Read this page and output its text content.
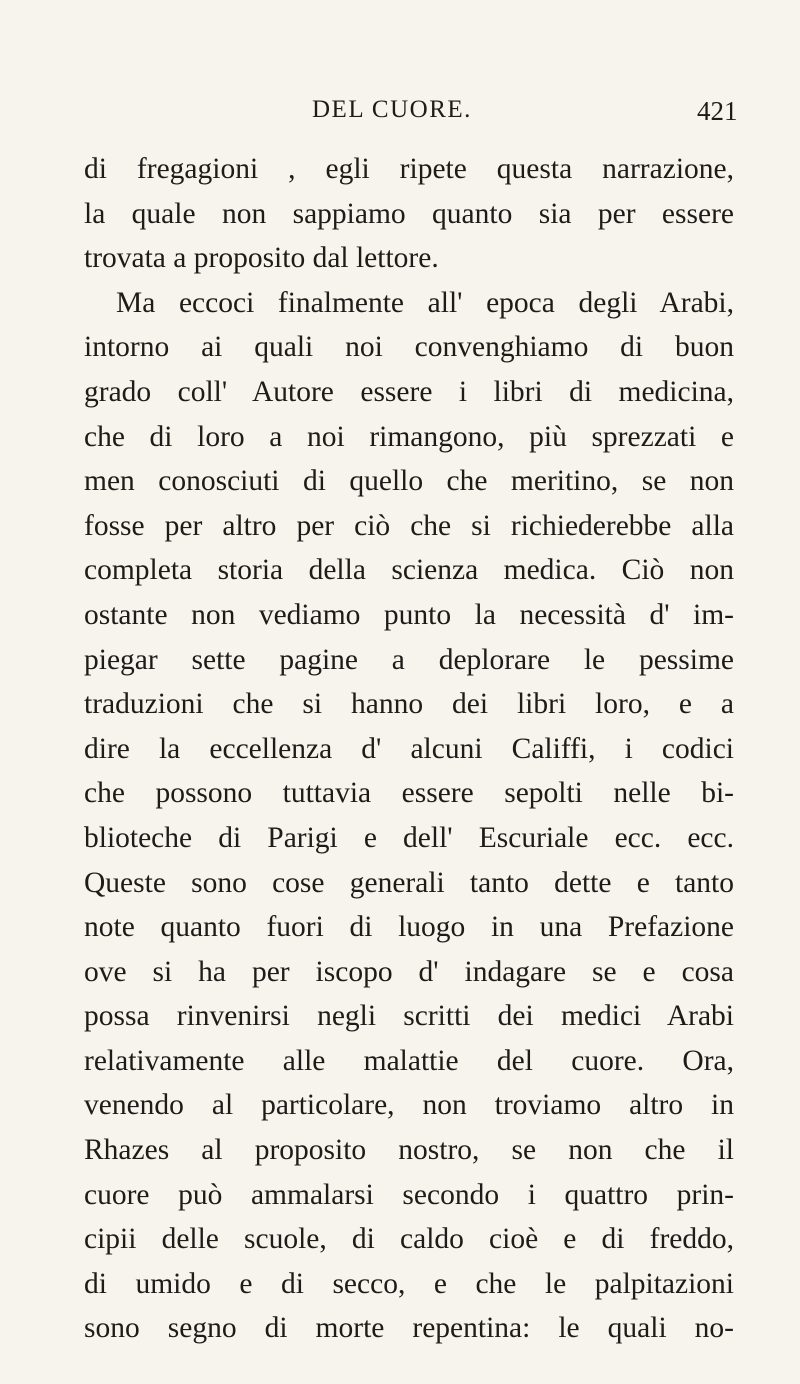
DEL CUORE.	421
di fregagioni , egli ripete questa narrazione,
la quale non sappiamo quanto sia per essere
trovata a proposito dal lettore.
Ma eccoci finalmente all' epoca degli Arabi,
intorno ai quali noi convenghiamo di buon
grado coll' Autore essere i libri di medicina,
che di loro a noi rimangono, più sprezzati e
men conosciuti di quello che meritino, se non
fosse per altro per ciò che si richiederebbe alla
completa storia della scienza medica. Ciò non
ostante non vediamo punto la necessità d' im-
piegar sette pagine a deplorare le pessime
traduzioni che si hanno dei libri loro, e a
dire la eccellenza d' alcuni Califfi, i codici
che possono tuttavia essere sepolti nelle bi-
blioteche di Parigi e dell' Escuriale ecc. ecc.
Queste sono cose generali tanto dette e tanto
note quanto fuori di luogo in una Prefazione
ove si ha per iscopo d' indagare se e cosa
possa rinvenirsi negli scritti dei medici Arabi
relativamente alle malattie del cuore. Ora,
venendo al particolare, non troviamo altro in
Rhazes al proposito nostro, se non che il
cuore può ammalarsi secondo i quattro prin-
cipii delle scuole, di caldo cioè e di freddo,
di umido e di secco, e che le palpitazioni
sono segno di morte repentina: le quali no-
